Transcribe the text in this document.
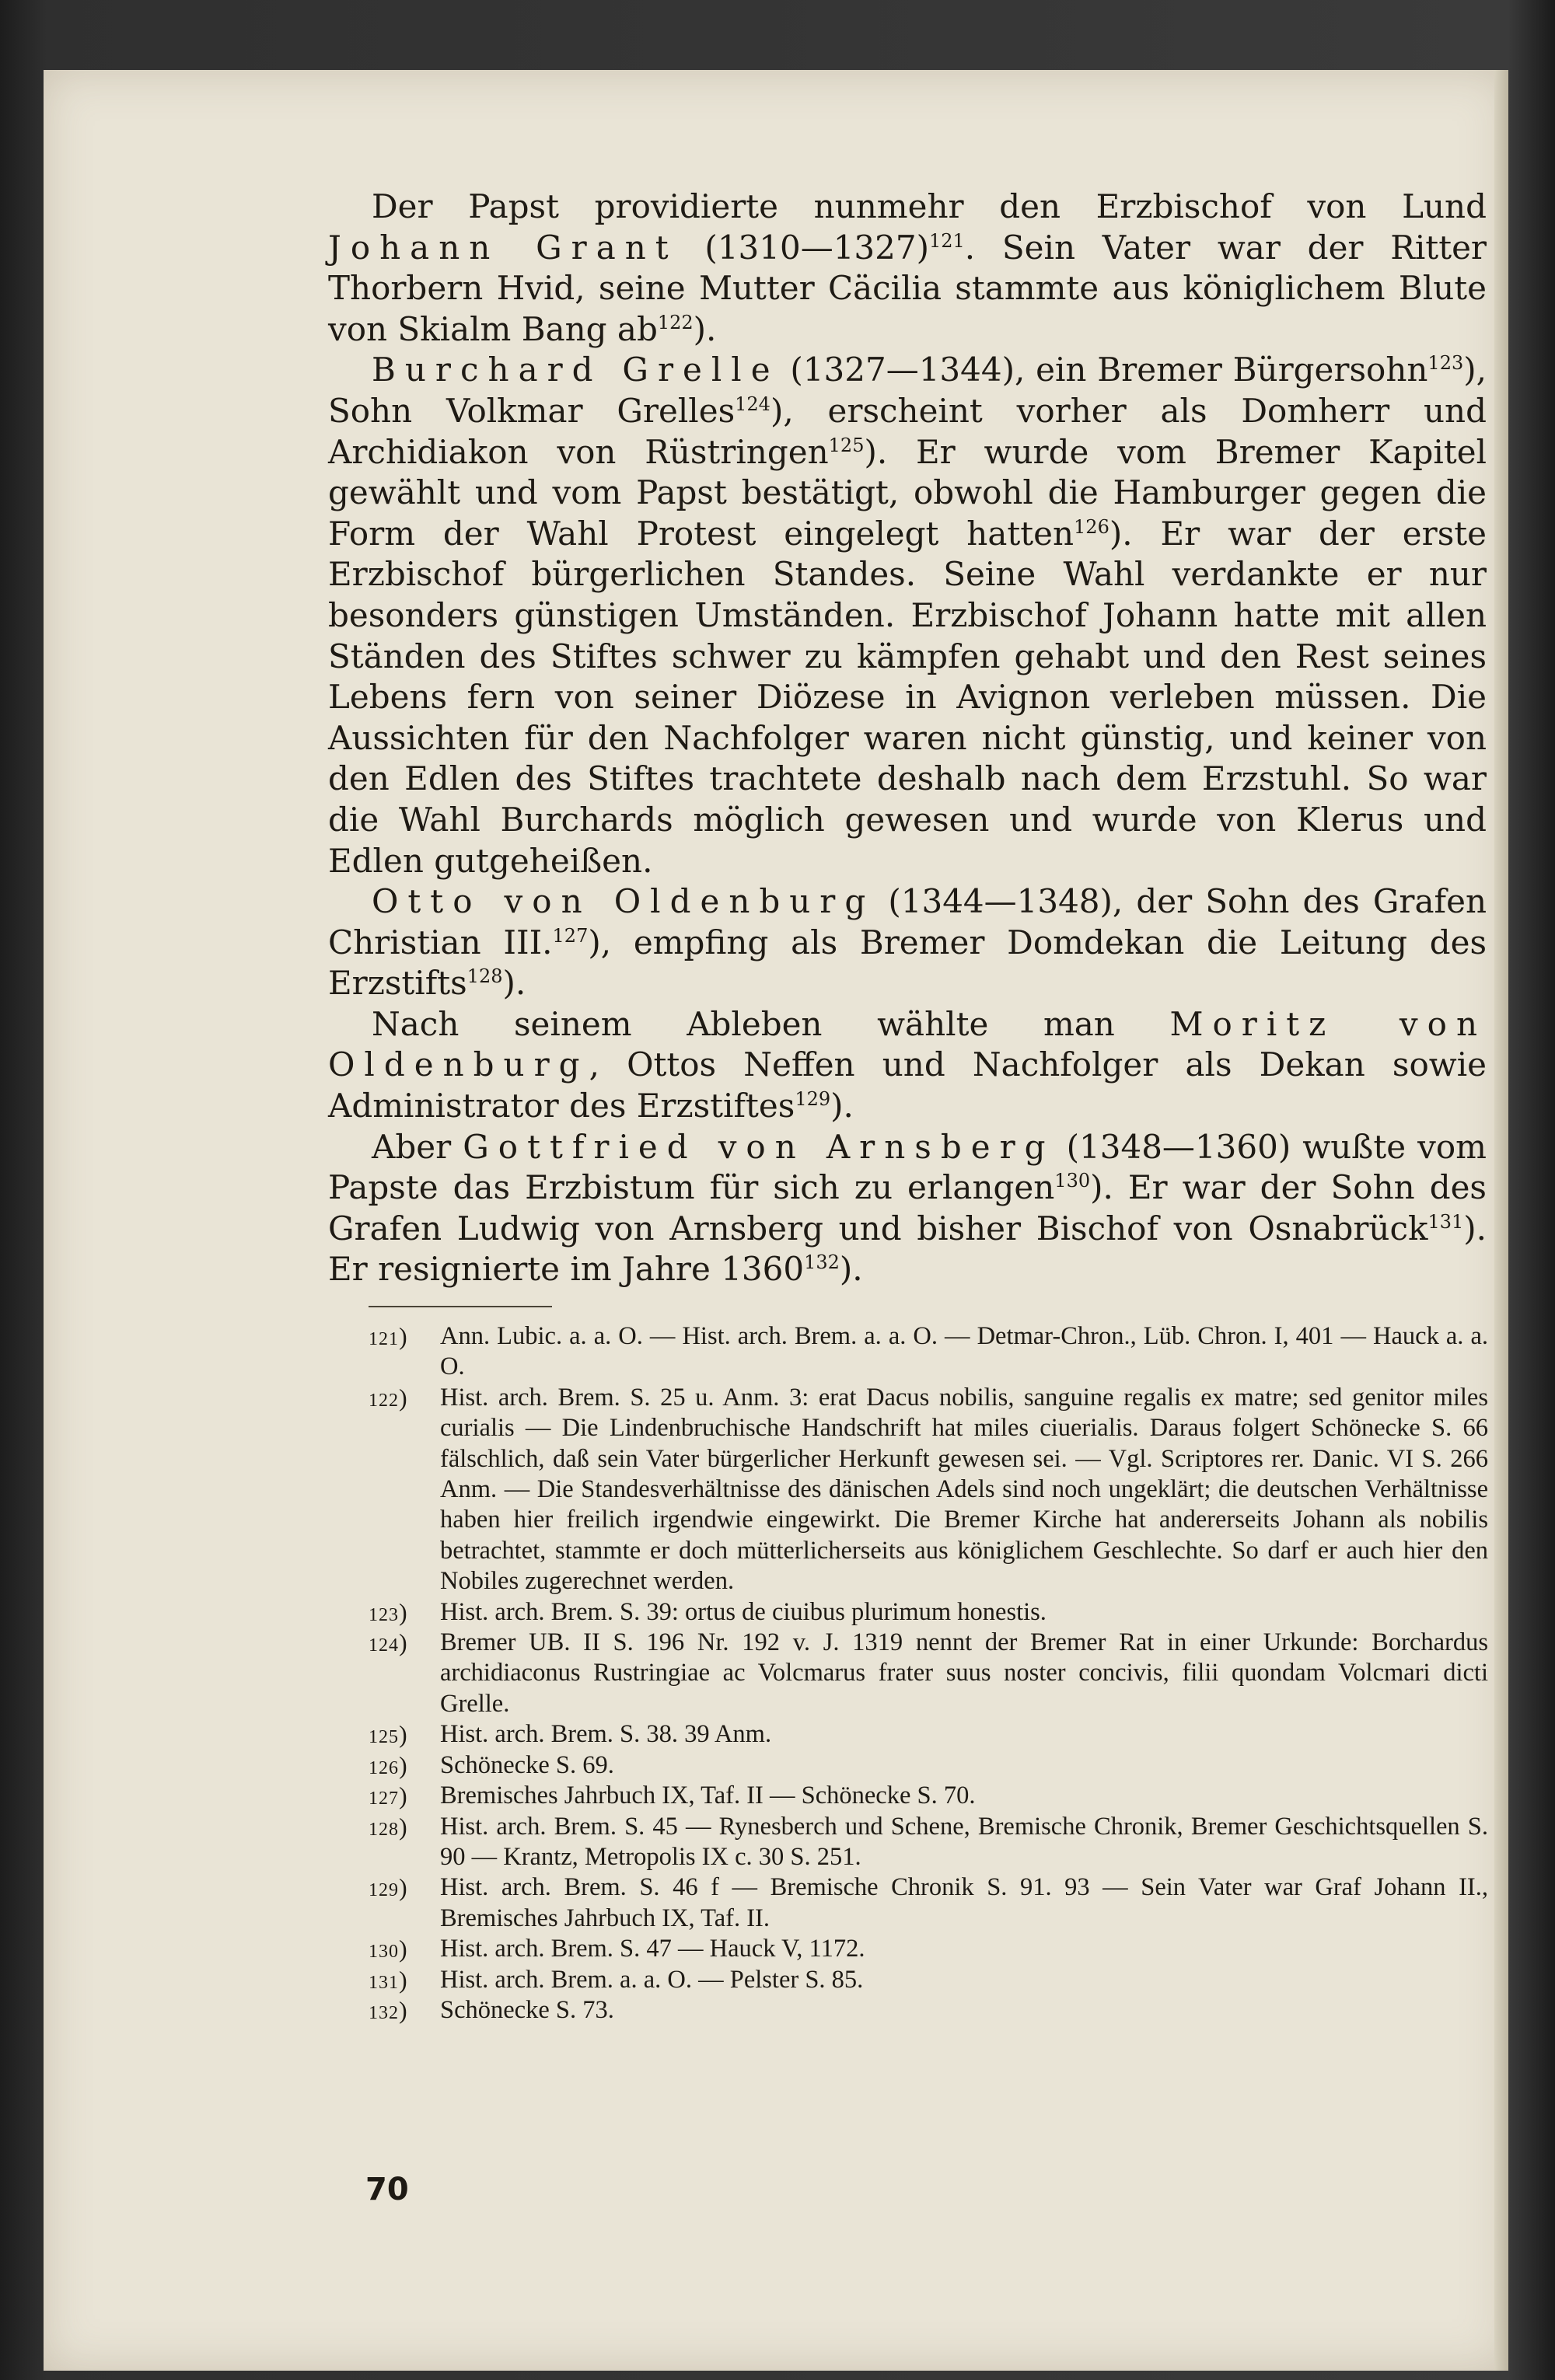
Der Papst providierte nunmehr den Erzbischof von Lund Johann Grant (1310—1327)$^{121}$. Sein Vater war der Ritter Thorbern Hvid, seine Mutter Cäcilia stammte aus königlichem Blute von Skialm Bang ab$^{122}$).

Burchard Grelle (1327—1344), ein Bremer Bürgersohn$^{123}$), Sohn Volkmar Grelles$^{124}$), erscheint vorher als Domherr und Archidiakon von Rüstringen$^{125}$). Er wurde vom Bremer Kapitel gewählt und vom Papst bestätigt, obwohl die Hamburger gegen die Form der Wahl Protest eingelegt hatten$^{126}$). Er war der erste Erzbischof bürgerlichen Standes. Seine Wahl verdankte er nur besonders günstigen Umständen. Erzbischof Johann hatte mit allen Ständen des Stiftes schwer zu kämpfen gehabt und den Rest seines Lebens fern von seiner Diözese in Avignon verleben müssen. Die Aussichten für den Nachfolger waren nicht günstig, und keiner von den Edlen des Stiftes trachtete deshalb nach dem Erzstuhl. So war die Wahl Burchards möglich gewesen und wurde von Klerus und Edlen gutgeheißen.

Otto von Oldenburg (1344—1348), der Sohn des Grafen Christian III.$^{127}$), empfing als Bremer Domdekan die Leitung des Erzstifts$^{128}$).

Nach seinem Ableben wählte man Moritz von Oldenburg, Ottos Neffen und Nachfolger als Dekan sowie Administrator des Erzstiftes$^{129}$).

Aber Gottfried von Arnsberg (1348—1360) wußte vom Papste das Erzbistum für sich zu erlangen$^{130}$). Er war der Sohn des Grafen Ludwig von Arnsberg und bisher Bischof von Osnabrück$^{131}$). Er resignierte im Jahre 1360$^{132}$).

121)	Ann. Lubic. a. a. O. — Hist. arch. Brem. a. a. O. — Detmar-Chron., Lüb. Chron. I, 401 — Hauck a. a. O.
122)	Hist. arch. Brem. S. 25 u. Anm. 3: erat Dacus nobilis, sanguine regalis ex matre; sed genitor miles curialis — Die Lindenbruchische Handschrift hat miles ciuerialis. Daraus folgert Schönecke S. 66 fälschlich, daß sein Vater bürgerlicher Herkunft gewesen sei. — Vgl. Scriptores rer. Danic. VI S. 266 Anm. — Die Standesverhältnisse des dänischen Adels sind noch ungeklärt; die deutschen Verhältnisse haben hier freilich irgendwie eingewirkt. Die Bremer Kirche hat andererseits Johann als nobilis betrachtet, stammte er doch mütterlicherseits aus königlichem Geschlechte. So darf er auch hier den Nobiles zugerechnet werden.
123)	Hist. arch. Brem. S. 39: ortus de ciuibus plurimum honestis.
124)	Bremer UB. II S. 196 Nr. 192 v. J. 1319 nennt der Bremer Rat in einer Urkunde: Borchardus archidiaconus Rustringiae ac Volcmarus frater suus noster concivis, filii quondam Volcmari dicti Grelle.
125)	Hist. arch. Brem. S. 38. 39 Anm.
126)	Schönecke S. 69.
127)	Bremisches Jahrbuch IX, Taf. II — Schönecke S. 70.
128)	Hist. arch. Brem. S. 45 — Rynesberch und Schene, Bremische Chronik, Bremer Geschichtsquellen S. 90 — Krantz, Metropolis IX c. 30 S. 251.
129)	Hist. arch. Brem. S. 46 f — Bremische Chronik S. 91. 93 — Sein Vater war Graf Johann II., Bremisches Jahrbuch IX, Taf. II.
130)	Hist. arch. Brem. S. 47 — Hauck V, 1172.
131)	Hist. arch. Brem. a. a. O. — Pelster S. 85.
132)	Schönecke S. 73.
70
